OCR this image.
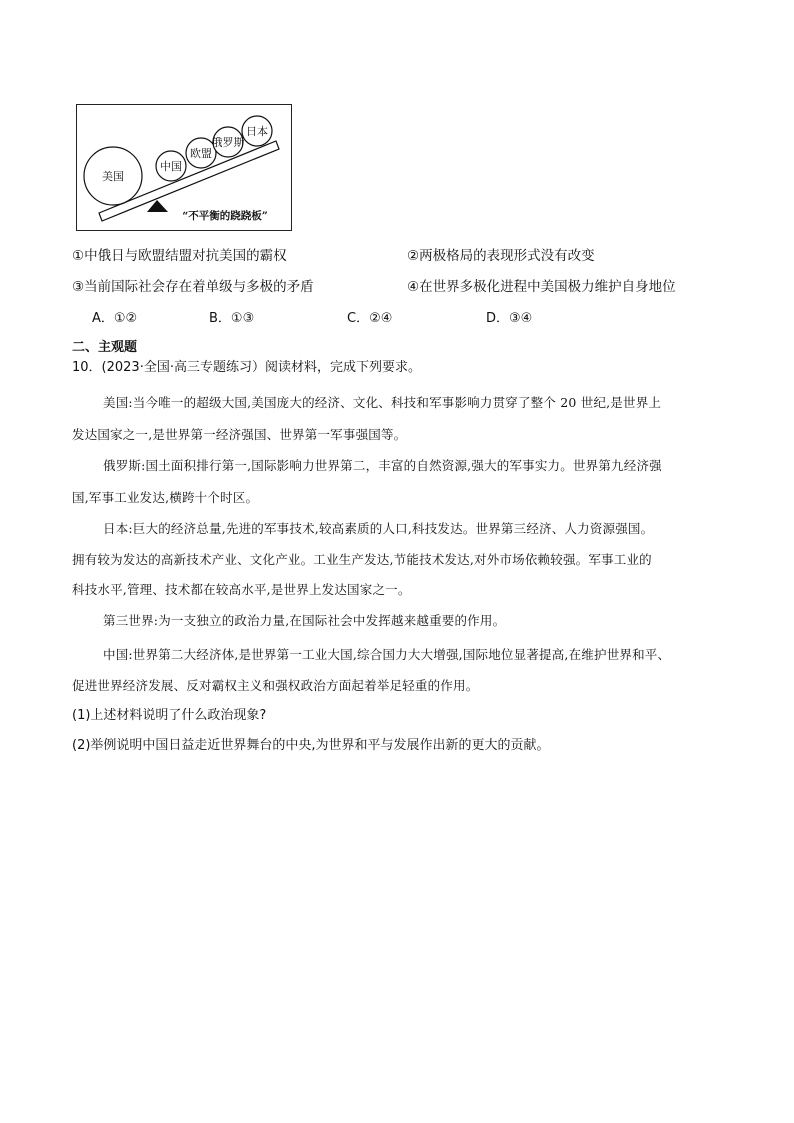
美国
中国
欧盟
俄罗斯
日本
“不平衡的跷跷板”
①中俄日与欧盟结盟对抗美国的霸权	②两极格局的表现形式没有改变
③当前国际社会存在着单级与多极的矛盾	④在世界多极化进程中美国极力维护自身地位
A．①②	B．①③	C．②④	D．③④
二、主观题
10．(2023·全国·高三专题练习）阅读材料，完成下列要求。
美国:当今唯一的超级大国,美国庞大的经济、文化、科技和军事影响力贯穿了整个 20 世纪,是世界上
发达国家之一,是世界第一经济强国、世界第一军事强国等。
俄罗斯:国土面积排行第一,国际影响力世界第二，丰富的自然资源,强大的军事实力。世界第九经济强
国,军事工业发达,横跨十个时区。
日本:巨大的经济总量,先进的军事技术,较高素质的人口,科技发达。世界第三经济、人力资源强国。
拥有较为发达的高新技术产业、文化产业。工业生产发达,节能技术发达,对外市场依赖较强。军事工业的
科技水平,管理、技术都在较高水平,是世界上发达国家之一。
第三世界:为一支独立的政治力量,在国际社会中发挥越来越重要的作用。
中国:世界第二大经济体,是世界第一工业大国,综合国力大大增强,国际地位显著提高,在维护世界和平、
促进世界经济发展、反对霸权主义和强权政治方面起着举足轻重的作用。
(1)上述材料说明了什么政治现象?
(2)举例说明中国日益走近世界舞台的中央,为世界和平与发展作出新的更大的贡献。
